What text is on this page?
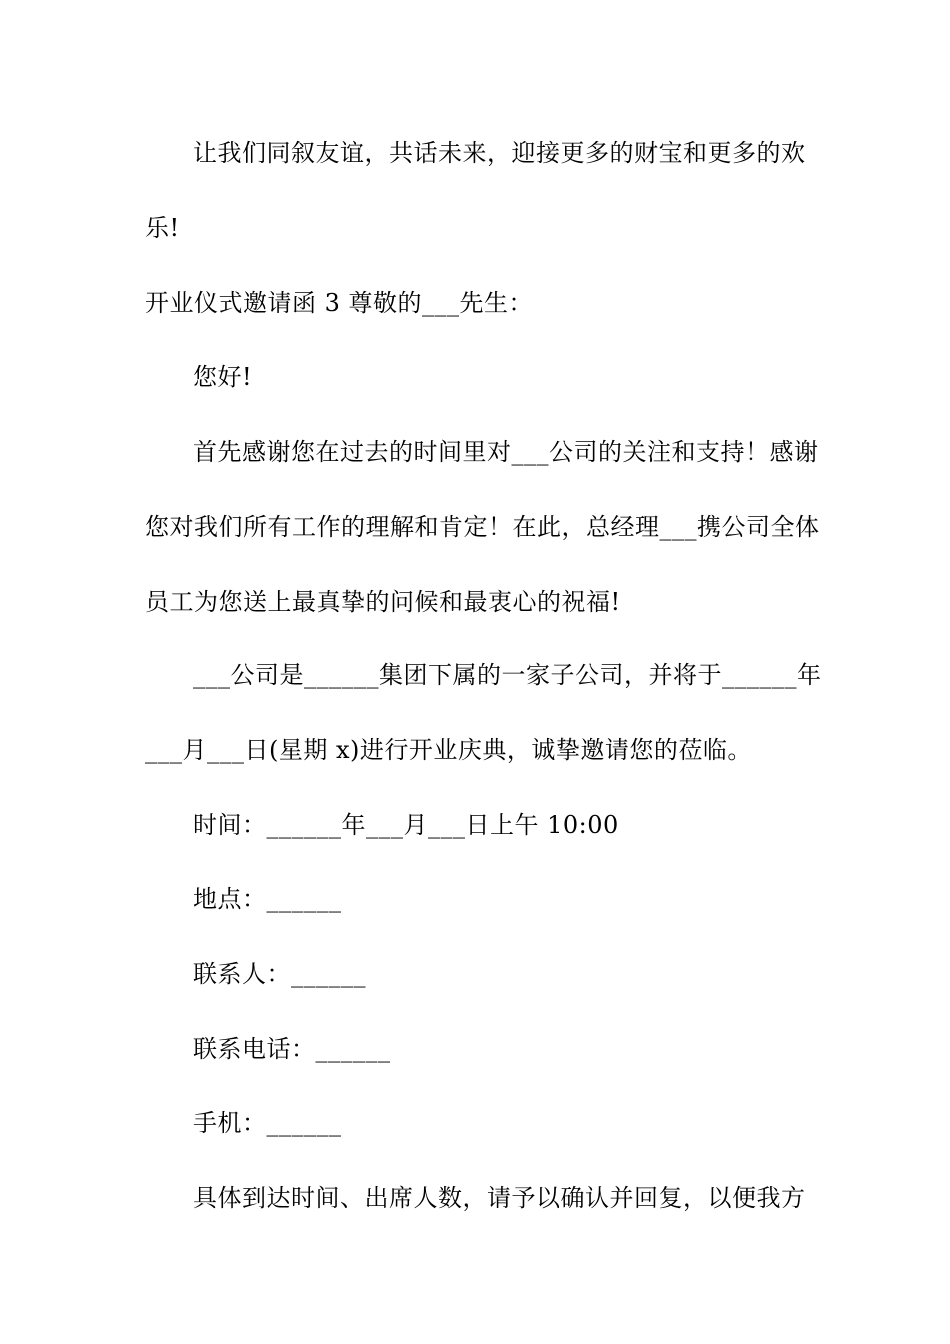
让我们同叙友谊，共话未来，迎接更多的财宝和更多的欢
乐!
开业仪式邀请函 3 尊敬的___先生：
您好!
首先感谢您在过去的时间里对___公司的关注和支持！感谢
您对我们所有工作的理解和肯定！在此，总经理___携公司全体
员工为您送上最真挚的问候和最衷心的祝福!
___公司是______集团下属的一家子公司，并将于______年
___月___日(星期 x)进行开业庆典，诚挚邀请您的莅临。
时间：______年___月___日上午 10:00
地点：______
联系人：______
联系电话：______
手机：______
具体到达时间、出席人数，请予以确认并回复，以便我方
